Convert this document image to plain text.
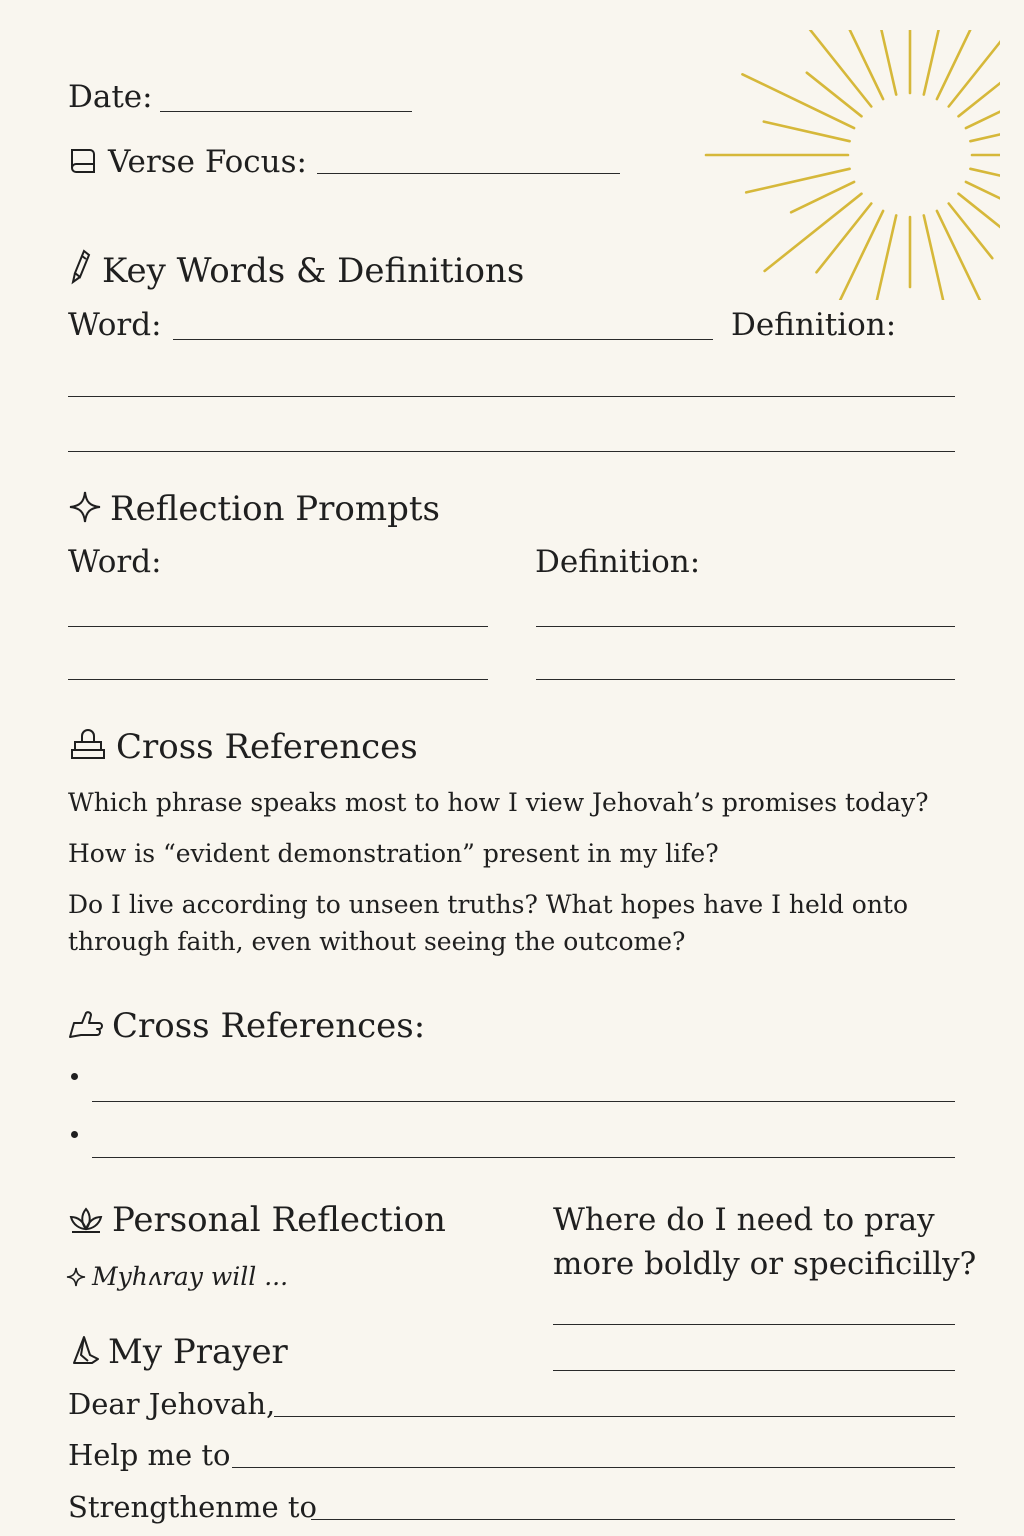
Date:
Verse Focus:
Key Words & Definitions
Word:	Definition:
Reflection Prompts
Word:	Definition:
Cross References
Which phrase speaks most to how I view Jehovah’s promises today?
How is “evident demonstration” present in my life?
Do I live according to unseen truths? What hopes have I held onto
through faith, even without seeing the outcome?
Cross References:
Personal Reflection
Myhʌray will ...
Where do I need to pray
more boldly or specificilly?
My Prayer
Dear Jehovah,
Help me to
Strengthenme to
